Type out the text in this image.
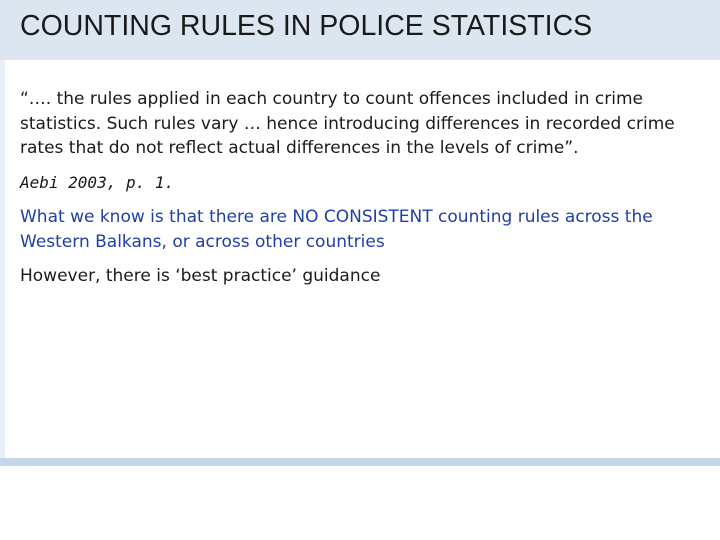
COUNTING RULES IN POLICE STATISTICS

“…. the rules applied in each country to count offences included in crime statistics. Such rules vary … hence introducing differences in recorded crime rates that do not reflect actual differences in the levels of crime”.

Aebi 2003, p. 1.

What we know is that there are NO CONSISTENT counting rules across the Western Balkans, or across other countries

However, there is ‘best practice’ guidance
